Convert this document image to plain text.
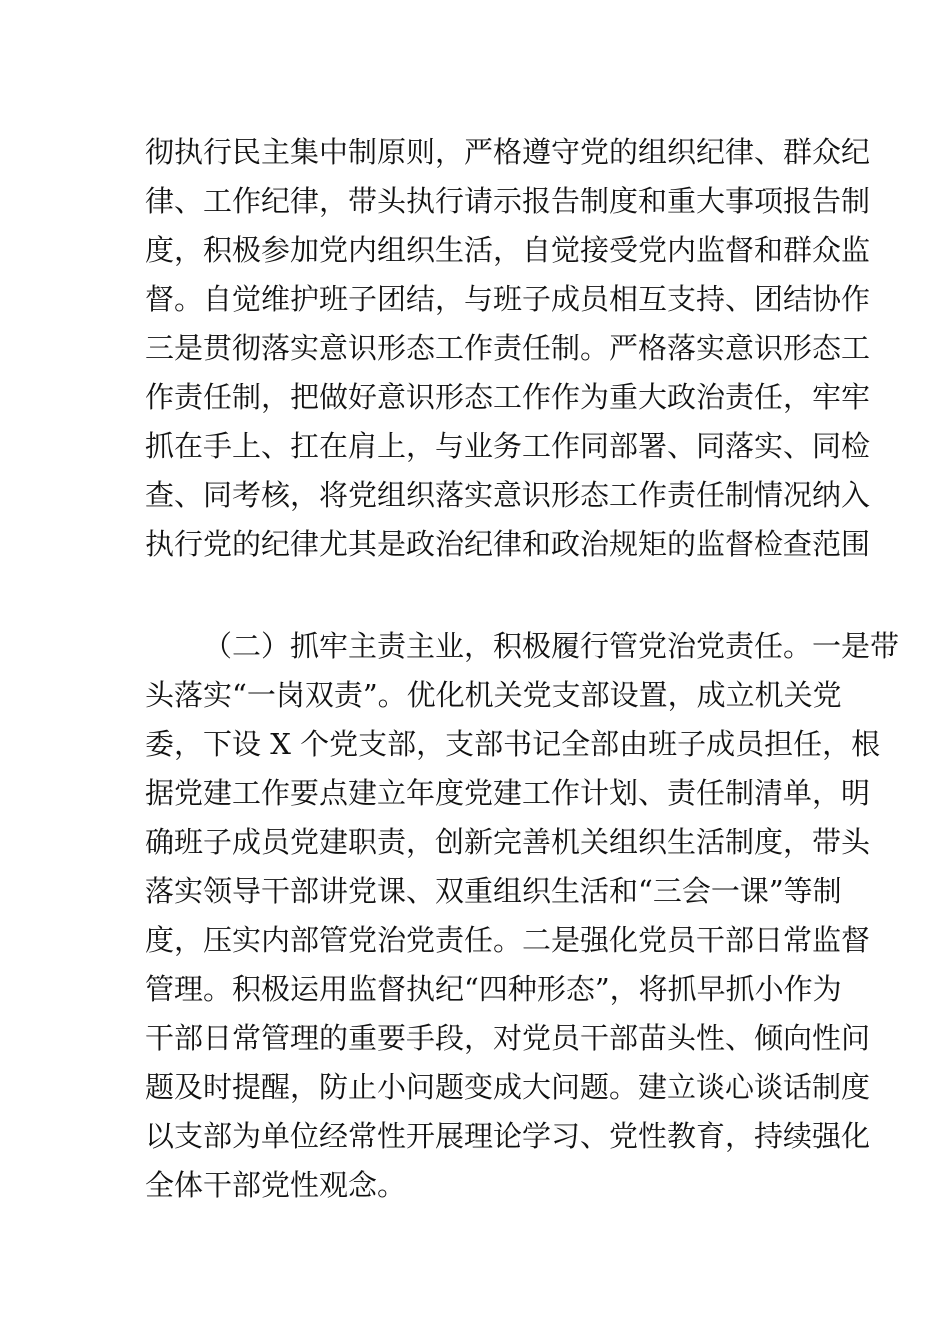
彻执行民主集中制原则，严格遵守党的组织纪律、群众纪
律、工作纪律，带头执行请示报告制度和重大事项报告制
度，积极参加党内组织生活，自觉接受党内监督和群众监
督。自觉维护班子团结，与班子成员相互支持、团结协作
三是贯彻落实意识形态工作责任制。严格落实意识形态工
作责任制，把做好意识形态工作作为重大政治责任，牢牢
抓在手上、扛在肩上，与业务工作同部署、同落实、同检
查、同考核，将党组织落实意识形态工作责任制情况纳入
执行党的纪律尤其是政治纪律和政治规矩的监督检查范围
（二）抓牢主责主业，积极履行管党治党责任。一是带
头落实“一岗双责”。优化机关党支部设置，成立机关党
委，下设 X 个党支部，支部书记全部由班子成员担任，根
据党建工作要点建立年度党建工作计划、责任制清单，明
确班子成员党建职责，创新完善机关组织生活制度，带头
落实领导干部讲党课、双重组织生活和“三会一课”等制
度，压实内部管党治党责任。二是强化党员干部日常监督
管理。积极运用监督执纪“四种形态”，将抓早抓小作为
干部日常管理的重要手段，对党员干部苗头性、倾向性问
题及时提醒，防止小问题变成大问题。建立谈心谈话制度
以支部为单位经常性开展理论学习、党性教育，持续强化
全体干部党性观念。
